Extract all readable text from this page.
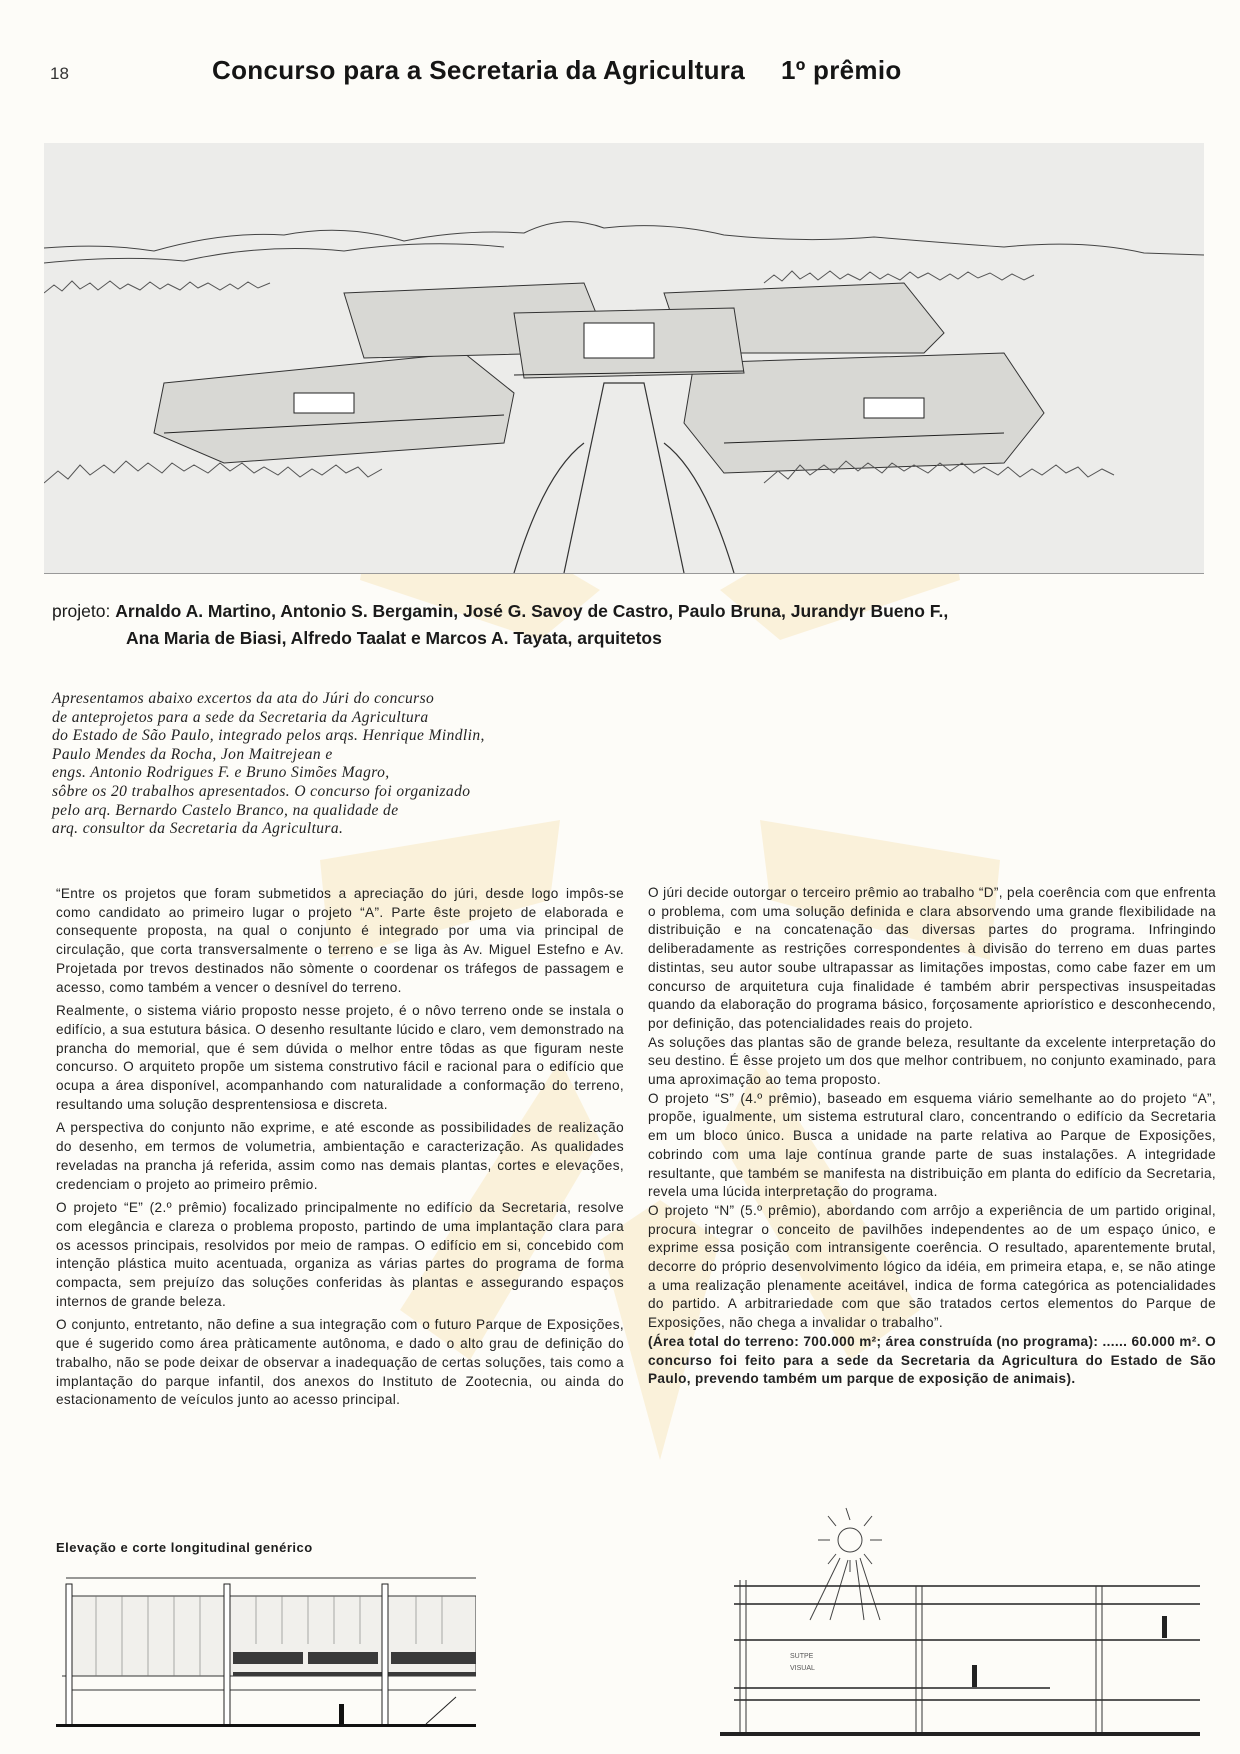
18	Concurso para a Secretaria da Agricultura 1º prêmio
projeto: Arnaldo A. Martino, Antonio S. Bergamin, José G. Savoy de Castro, Paulo Bruna, Jurandyr Bueno F.,
Ana Maria de Biasi, Alfredo Taalat e Marcos A. Tayata, arquitetos
Apresentamos abaixo excertos da ata do Júri do concurso
de anteprojetos para a sede da Secretaria da Agricultura
do Estado de São Paulo, integrado pelos arqs. Henrique Mindlin,
Paulo Mendes da Rocha, Jon Maitrejean e
engs. Antonio Rodrigues F. e Bruno Simões Magro,
sôbre os 20 trabalhos apresentados. O concurso foi organizado
pelo arq. Bernardo Castelo Branco, na qualidade de
arq. consultor da Secretaria da Agricultura.

“Entre os projetos que foram submetidos a apreciação do júri, desde logo impôs-se como candidato ao primeiro lugar o projeto “A”. Parte êste projeto de elaborada e consequente proposta, na qual o conjunto é integrado por uma via principal de circulação, que corta transversalmente o terreno e se liga às Av. Miguel Estefno e Av. Projetada por trevos destinados não sòmente o coordenar os tráfegos de passagem e acesso, como também a vencer o desnível do terreno.

Realmente, o sistema viário proposto nesse projeto, é o nôvo terreno onde se instala o edifício, a sua estutura básica. O desenho resultante lúcido e claro, vem demonstrado na prancha do memorial, que é sem dúvida o melhor entre tôdas as que figuram neste concurso. O arquiteto propõe um sistema construtivo fácil e racional para o edifício que ocupa a área disponível, acompanhando com naturalidade a conformação do terreno, resultando uma solução desprentensiosa e discreta.

A perspectiva do conjunto não exprime, e até esconde as possibilidades de realização do desenho, em termos de volumetria, ambientação e caracterização. As qualidades reveladas na prancha já referida, assim como nas demais plantas, cortes e elevações, credenciam o projeto ao primeiro prêmio.

O projeto “E” (2.º prêmio) focalizado principalmente no edifício da Secretaria, resolve com elegância e clareza o problema proposto, partindo de uma implantação clara para os acessos principais, resolvidos por meio de rampas. O edifício em si, concebido com intenção plástica muito acentuada, organiza as várias partes do programa de forma compacta, sem prejuízo das soluções conferidas às plantas e assegurando espaços internos de grande beleza.

O conjunto, entretanto, não define a sua integração com o futuro Parque de Exposições, que é sugerido como área pràticamente autônoma, e dado o alto grau de definição do trabalho, não se pode deixar de observar a inadequação de certas soluções, tais como a implantação do parque infantil, dos anexos do Instituto de Zootecnia, ou ainda do estacionamento de veículos junto ao acesso principal.

O júri decide outorgar o terceiro prêmio ao trabalho “D”, pela coerência com que enfrenta o problema, com uma solução definida e clara absorvendo uma grande flexibilidade na distribuição e na concatenação das diversas partes do programa. Infringindo deliberadamente as restrições correspondentes à divisão do terreno em duas partes distintas, seu autor soube ultrapassar as limitações impostas, como cabe fazer em um concurso de arquitetura cuja finalidade é também abrir perspectivas insuspeitadas quando da elaboração do programa básico, forçosamente apriorístico e desconhecendo, por definição, das potencialidades reais do projeto.

As soluções das plantas são de grande beleza, resultante da excelente interpretação do seu destino. É êsse projeto um dos que melhor contribuem, no conjunto examinado, para uma aproximação ao tema proposto.

O projeto “S” (4.º prêmio), baseado em esquema viário semelhante ao do projeto “A”, propõe, igualmente, um sistema estrutural claro, concentrando o edifício da Secretaria em um bloco único. Busca a unidade na parte relativa ao Parque de Exposições, cobrindo com uma laje contínua grande parte de suas instalações. A integridade resultante, que também se manifesta na distribuição em planta do edifício da Secretaria, revela uma lúcida interpretação do programa.

O projeto “N” (5.º prêmio), abordando com arrôjo a experiência de um partido original, procura integrar o conceito de pavilhões independentes ao de um espaço único, e exprime essa posição com intransigente coerência. O resultado, aparentemente brutal, decorre do próprio desenvolvimento lógico da idéia, em primeira etapa, e, se não atinge a uma realização plenamente aceitável, indica de forma categórica as potencialidades do partido. A arbitrariedade com que são tratados certos elementos do Parque de Exposições, não chega a invalidar o trabalho”.

(Área total do terreno: 700.000 m²; área construída (no programa): ...... 60.000 m². O concurso foi feito para a sede da Secretaria da Agricultura do Estado de São Paulo, prevendo também um parque de exposição de animais).

Elevação e corte longitudinal genérico
SUTPE
VISUAL
